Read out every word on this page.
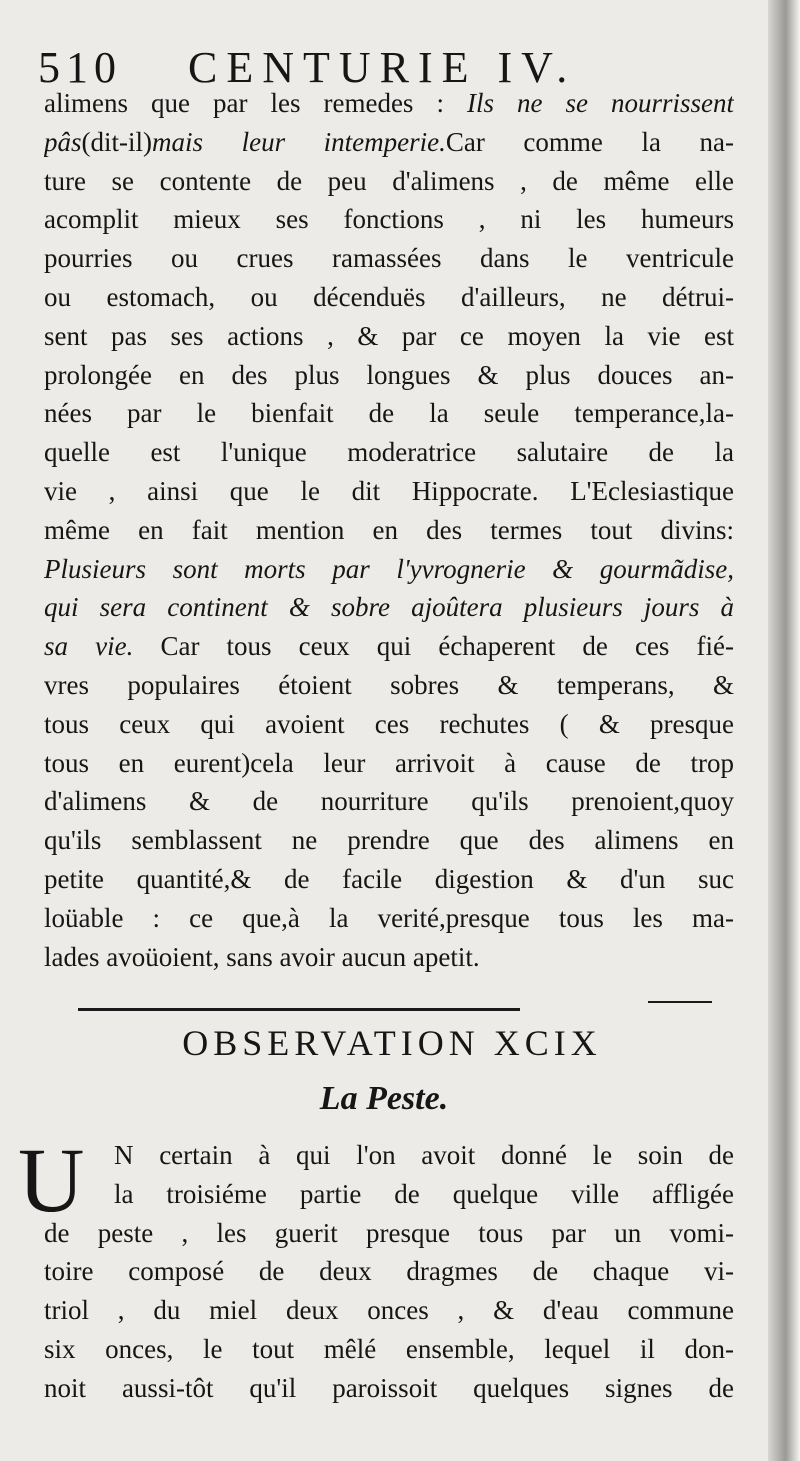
510 CENTURIE IV.
alimens que par les remedes : Ils ne se nourrissent
pâs(dit-il)mais leur intemperie.Car comme la na-
ture se contente de peu d'alimens , de même elle
acomplit mieux ses fonctions , ni les humeurs
pourries ou crues ramassées dans le ventricule
ou estomach, ou décenduës d'ailleurs, ne détrui-
sent pas ses actions , & par ce moyen la vie est
prolongée en des plus longues & plus douces an-
nées par le bienfait de la seule temperance,la-
quelle est l'unique moderatrice salutaire de la
vie , ainsi que le dit Hippocrate. L'Eclesiastique
même en fait mention en des termes tout divins:
Plusieurs sont morts par l'yvrognerie & gourmãdise,
qui sera continent & sobre ajoûtera plusieurs jours à
sa vie. Car tous ceux qui échaperent de ces fié-
vres populaires étoient sobres & temperans, &
tous ceux qui avoient ces rechutes ( & presque
tous en eurent)cela leur arrivoit à cause de trop
d'alimens & de nourriture qu'ils prenoient,quoy
qu'ils semblassent ne prendre que des alimens en
petite quantité,& de facile digestion & d'un suc
loüable : ce que,à la verité,presque tous les ma-
lades avoüoient, sans avoir aucun apetit.
OBSERVATION XCIX
La Peste.
U	N certain à qui l'on avoit donné le soin de
la troisiéme partie de quelque ville affligée
de peste , les guerit presque tous par un vomi-
toire composé de deux dragmes de chaque vi-
triol , du miel deux onces , & d'eau commune
six onces, le tout mêlé ensemble, lequel il don-
noit aussi-tôt qu'il paroissoit quelques signes de
